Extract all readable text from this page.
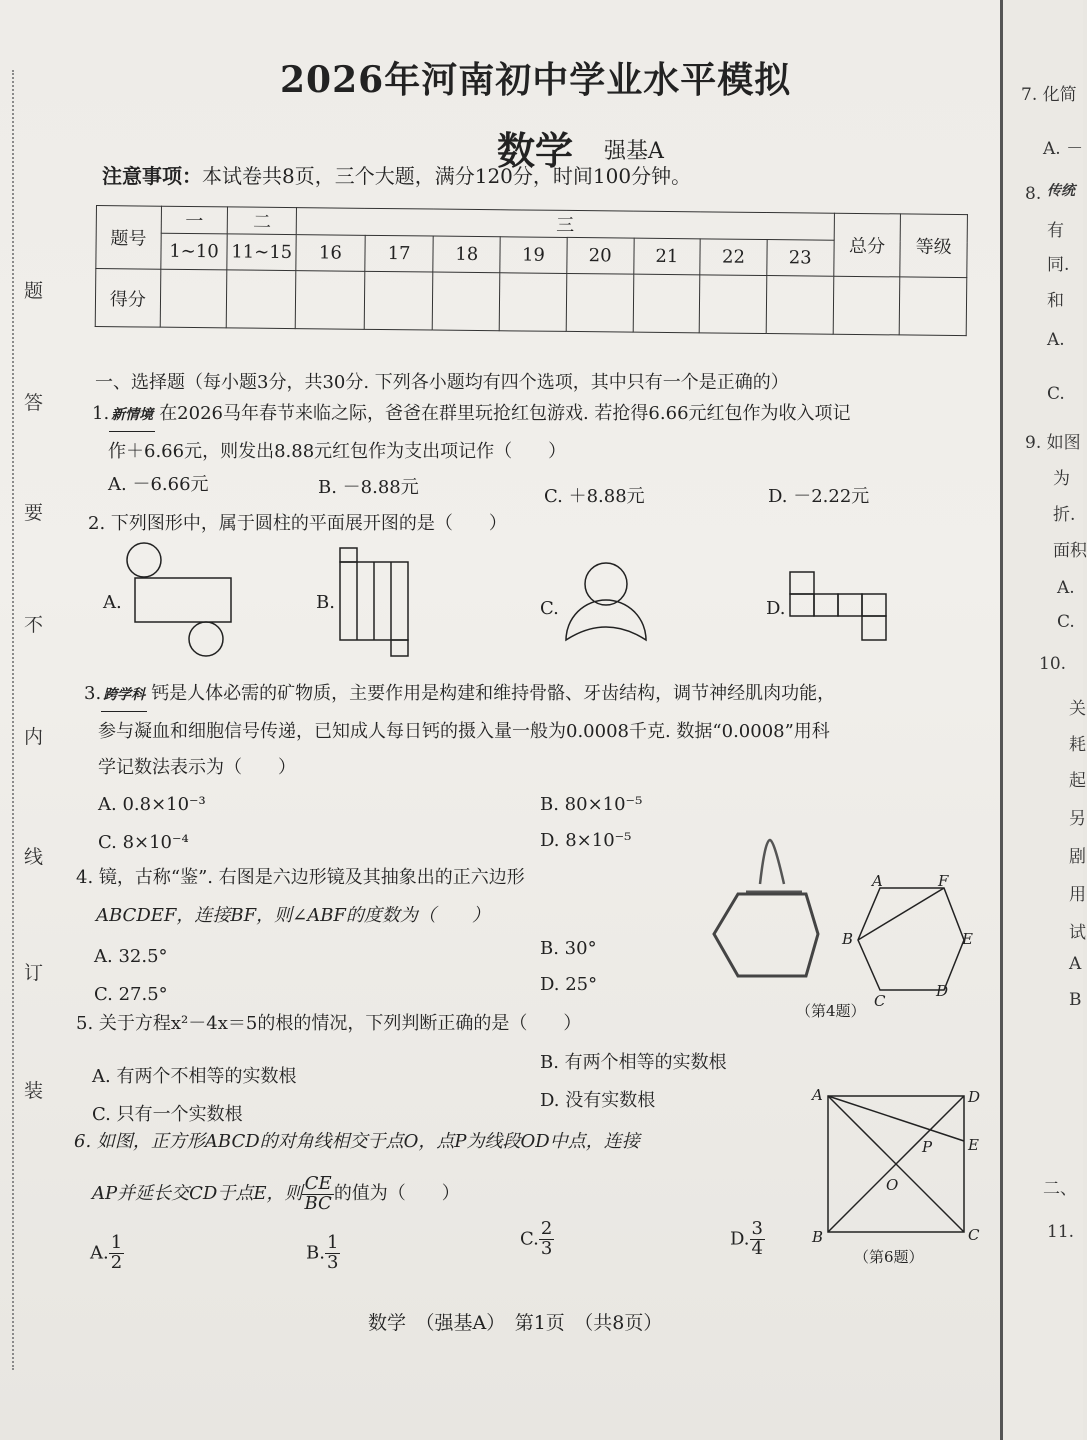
题
答
要
不
内
线
订
装
7. 化简
A. －
8. 传统
有
同.
和
A.
C.
9. 如图
为
折.
面积
A.
C.
10.
关
耗
起
另
剧
用
试
A
B
二、
11.
2026年河南初中学业水平模拟
数学 强基A
注意事项：本试卷共8页，三个大题，满分120分，时间100分钟。
题号	一	二	三								总分	等级
	1~10	11~15	16	17	18	19	20	21	22	23		
得分												
一、选择题（每小题3分，共30分. 下列各小题均有四个选项，其中只有一个是正确的）
1. 新情境 在2026马年春节来临之际，爸爸在群里玩抢红包游戏. 若抢得6.66元红包作为收入项记
作＋6.66元，则发出8.88元红包作为支出项记作（　　）
A. －6.66元	B. －8.88元	C. ＋8.88元	D. －2.22元
2. 下列图形中，属于圆柱的平面展开图的是（　　）
A.	B.	C.	D.
3. 跨学科 钙是人体必需的矿物质，主要作用是构建和维持骨骼、牙齿结构，调节神经肌肉功能，
参与凝血和细胞信号传递，已知成人每日钙的摄入量一般为0.0008千克. 数据“0.0008”用科
学记数法表示为（　　）
A. 0.8×10⁻³	B. 80×10⁻⁵
C. 8×10⁻⁴	D. 8×10⁻⁵
4. 镜，古称“鉴”. 右图是六边形镜及其抽象出的正六边形
ABCDEF，连接BF，则∠ABF的度数为（　　）
A. 32.5°	B. 30°
C. 27.5°	D. 25°
A	F
B	E
C
D
（第4题）
5. 关于方程x²－4x＝5的根的情况，下列判断正确的是（　　）
A. 有两个不相等的实数根
B. 有两个相等的实数根
C. 只有一个实数根
D. 没有实数根
6. 如图，正方形ABCD的对角线相交于点O，点P为线段OD中点，连接
AP并延长交CD于点E，则 $\frac{CE}{BC}$ 的值为（　　）
A. $\frac{1}{2}$	B. $\frac{1}{3}$	C. $\frac{2}{3}$	D. $\frac{3}{4}$
A	D
P E
O
B	C
（第6题）
数学　（强基A）　第1页　（共8页）
